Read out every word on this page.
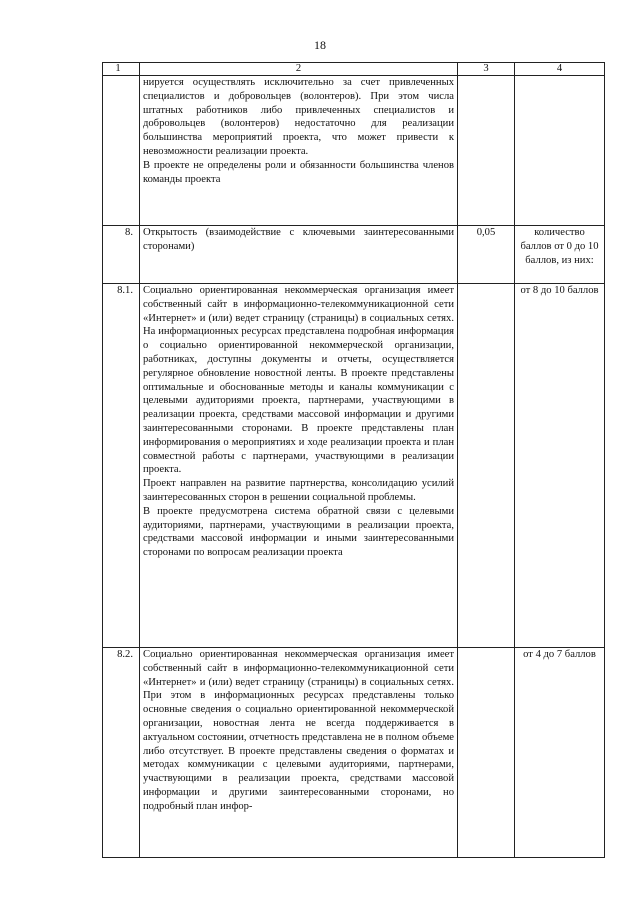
18
1	2	3	4

	нируется осуществлять исключительно за счет привлеченных специалистов и добровольцев (волонтеров). При этом числа штатных работников либо привлеченных специалистов и добровольцев (волонтеров) недостаточно для реализации большинства мероприятий проекта, что может привести к невозможности реализации проекта.

В проекте не определены роли и обязанности большинства членов команды проекта		

8.	Открытость (взаимодействие с ключевыми заинтересованными сторонами)	0,05	количество баллов от 0 до 10 баллов, из них:
8.1.	Социально ориентированная некоммерческая организация имеет собственный сайт в информационно-телекоммуникационной сети «Интернет» и (или) ведет страницу (страницы) в социальных сетях. На информационных ресурсах представлена подробная информация о социально ориентированной некоммерческой организации, работниках, доступны документы и отчеты, осуществляется регулярное обновление новостной ленты. В проекте представлены оптимальные и обоснованные методы и каналы коммуникации с целевыми аудиториями проекта, партнерами, участвующими в реализации проекта, средствами массовой информации и другими заинтересованными сторонами. В проекте представлены план информирования о мероприятиях и ходе реализации проекта и план совместной работы с партнерами, участвующими в реализации проекта.

Проект направлен на развитие партнерства, консолидацию усилий заинтересованных сторон в решении социальной проблемы.

В проекте предусмотрена система обратной связи с целевыми аудиториями, партнерами, участвующими в реализации проекта, средствами массовой информации и иными заинтересованными сторонами по вопросам реализации проекта		от 8 до 10 баллов
8.2.	Социально ориентированная некоммерческая организация имеет собственный сайт в информационно-телекоммуникационной сети «Интернет» и (или) ведет страницу (страницы) в социальных сетях. При этом в информационных ресурсах представлены только основные сведения о социально ориентированной некоммерческой организации, новостная лента не всегда поддерживается в актуальном состоянии, отчетность представлена не в полном объеме либо отсутствует. В проекте представлены сведения о форматах и методах коммуникации с целевыми аудиториями, партнерами, участвующими в реализации проекта, средствами массовой информации и другими заинтересованными сторонами, но подробный план инфор-		от 4 до 7 баллов
